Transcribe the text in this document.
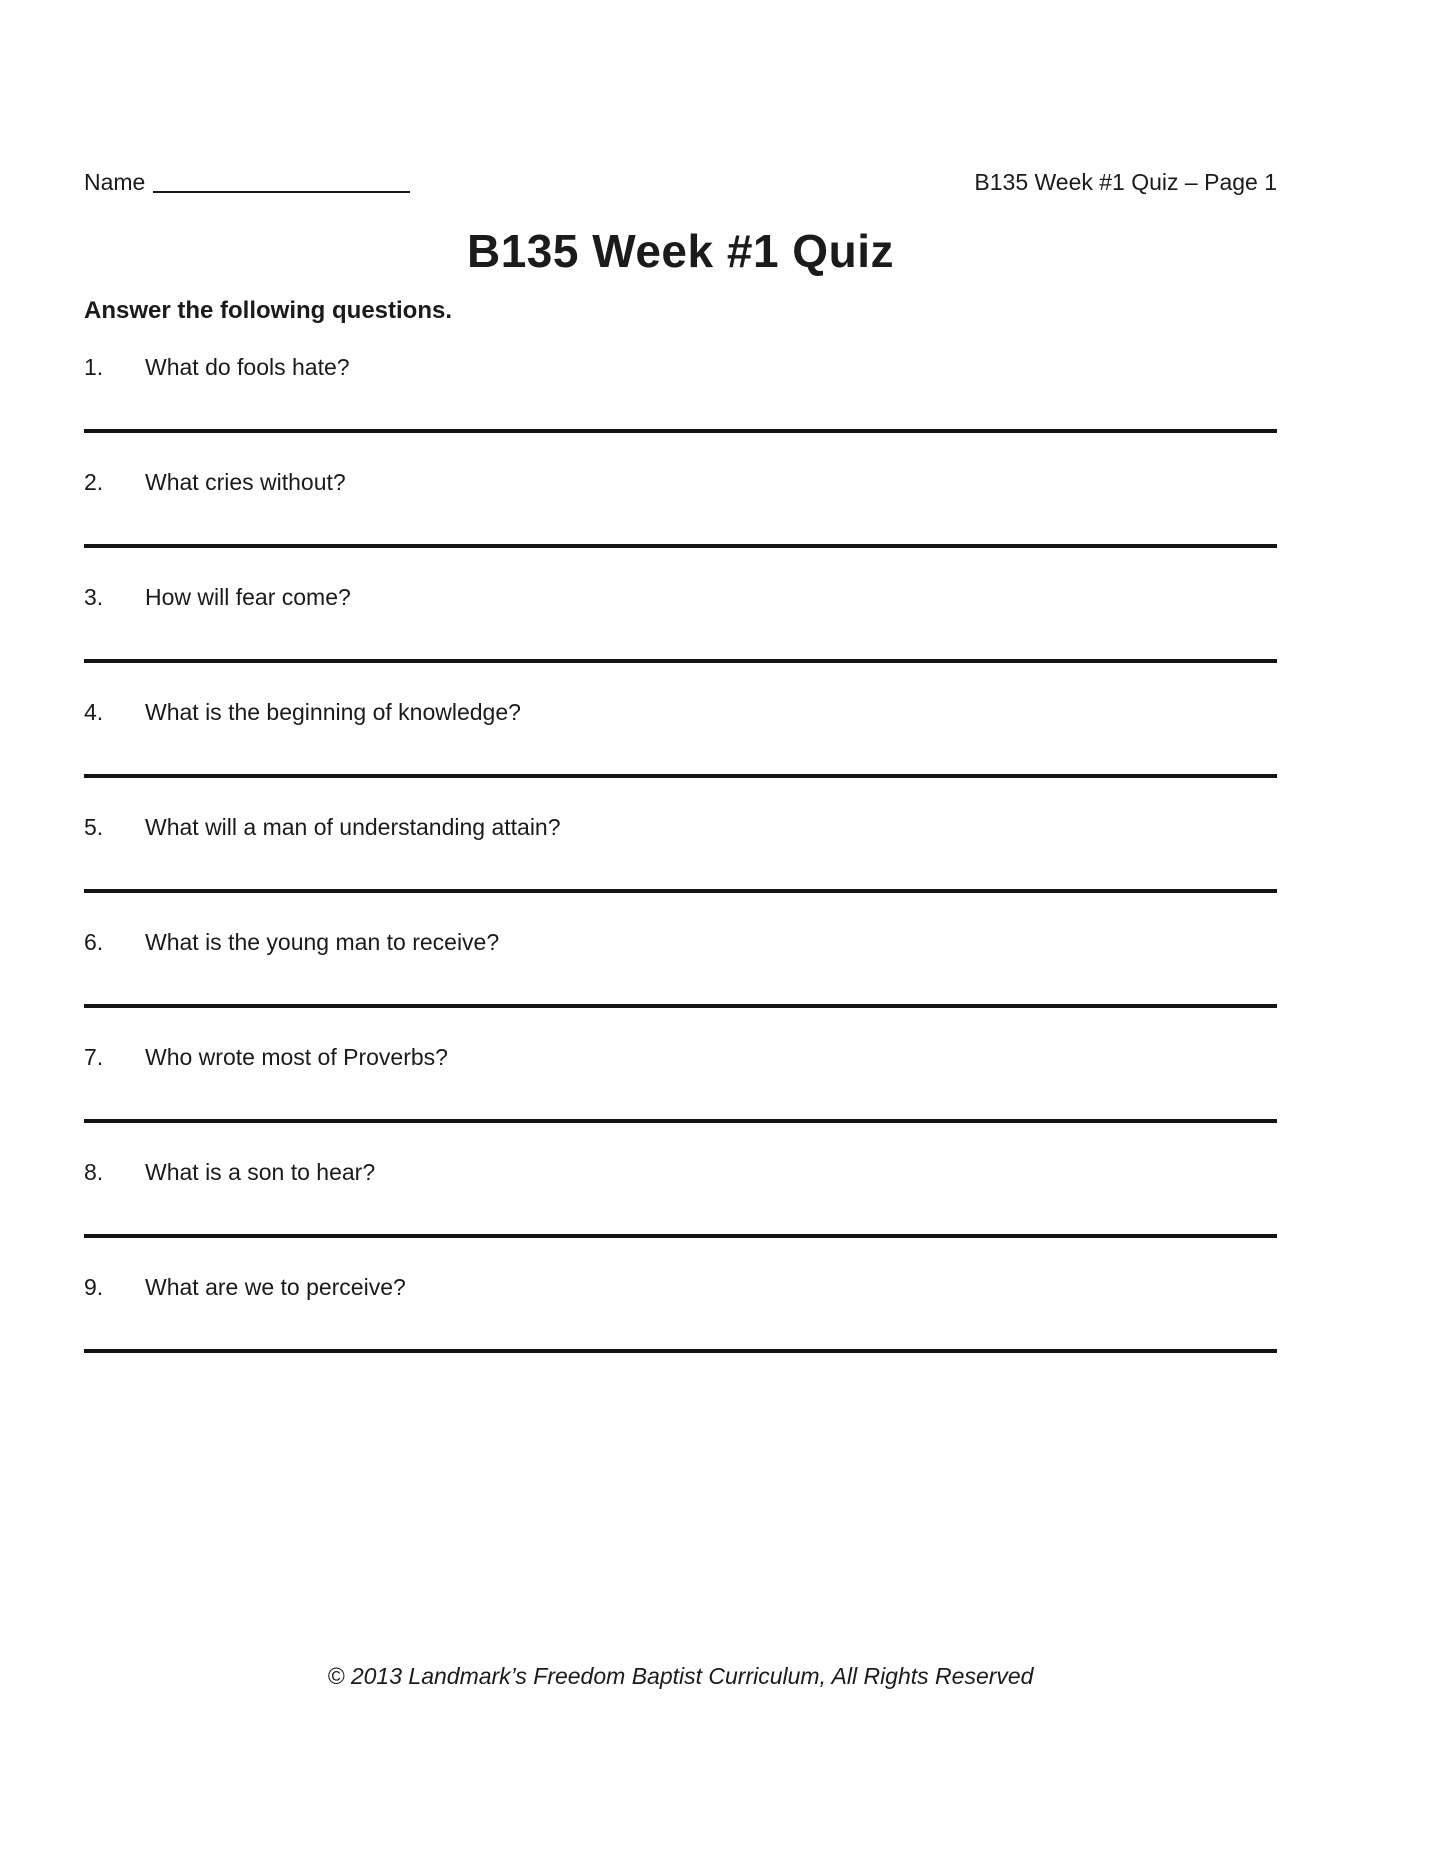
Name	B135 Week #1 Quiz – Page 1
B135 Week #1 Quiz
Answer the following questions.
1.	What do fools hate?
2.	What cries without?
3.	How will fear come?
4.	What is the beginning of knowledge?
5.	What will a man of understanding attain?
6.	What is the young man to receive?
7.	Who wrote most of Proverbs?
8.	What is a son to hear?
9.	What are we to perceive?
© 2013 Landmark’s Freedom Baptist Curriculum, All Rights Reserved
